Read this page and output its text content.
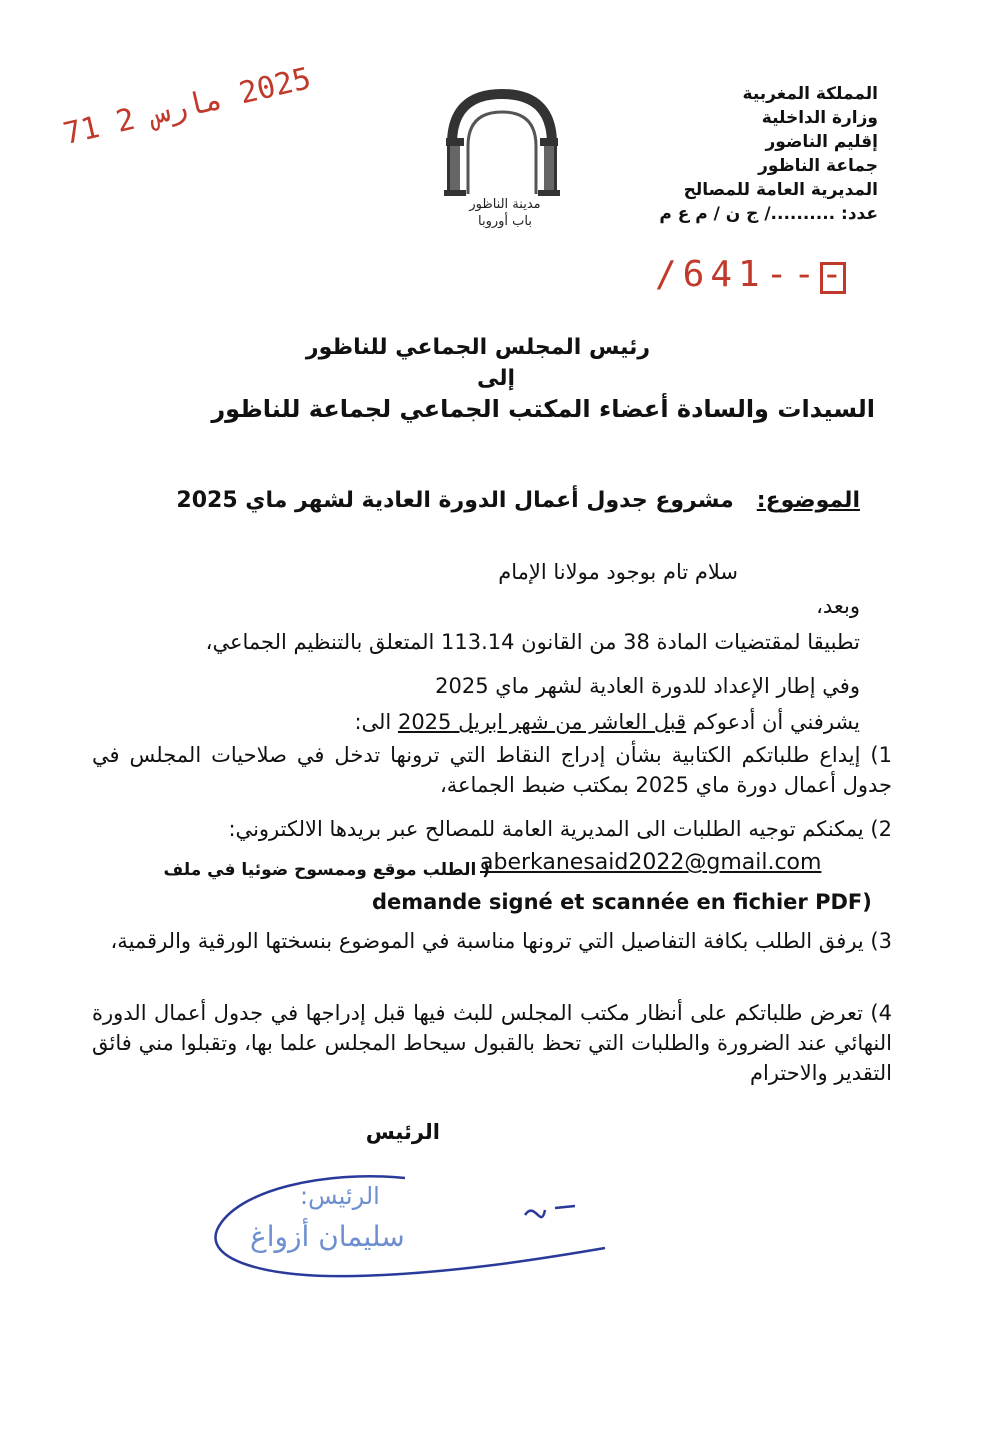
2025 مارس 2 71
مدينة الناظور
باب أوروبا
المملكة المغربية
وزارة الداخلية
إقليم الناضور
جماعة الناظور
المديرية العامة للمصالح
عدد: ........../ ج ن / م ع م
/641---
رئيس المجلس الجماعي للناظور
إلى
السيدات والسادة أعضاء المكتب الجماعي لجماعة للناظور
الموضوع:   مشروع جدول أعمال الدورة العادية لشهر ماي 2025
سلام تام بوجود مولانا الإمام
وبعد،
تطبيقا لمقتضيات المادة 38 من القانون 113.14 المتعلق بالتنظيم الجماعي،
وفي إطار الإعداد للدورة العادية لشهر ماي 2025
يشرفني أن أدعوكم قبل العاشر من شهر ابريل 2025 الى:
1) إيداع طلباتكم الكتابية بشأن إدراج النقاط التي ترونها تدخل في صلاحيات المجلس في جدول أعمال دورة ماي 2025 بمكتب ضبط الجماعة،
2) يمكنكم توجيه الطلبات الى المديرية العامة للمصالح عبر بريدها الالكتروني:
aberkanesaid2022@gmail.com
( الطلب موقع وممسوح ضوئيا في ملف
demande signé et scannée en fichier PDF)
3) يرفق الطلب بكافة التفاصيل التي ترونها مناسبة في الموضوع بنسختها الورقية والرقمية،
4) تعرض طلباتكم على أنظار مكتب المجلس للبث فيها قبل إدراجها في جدول أعمال الدورة النهائي عند الضرورة والطلبات التي تحظ بالقبول سيحاط المجلس علما بها، وتقبلوا مني فائق التقدير والاحترام
الرئيس
الرئيس:
سليمان أزواغ
